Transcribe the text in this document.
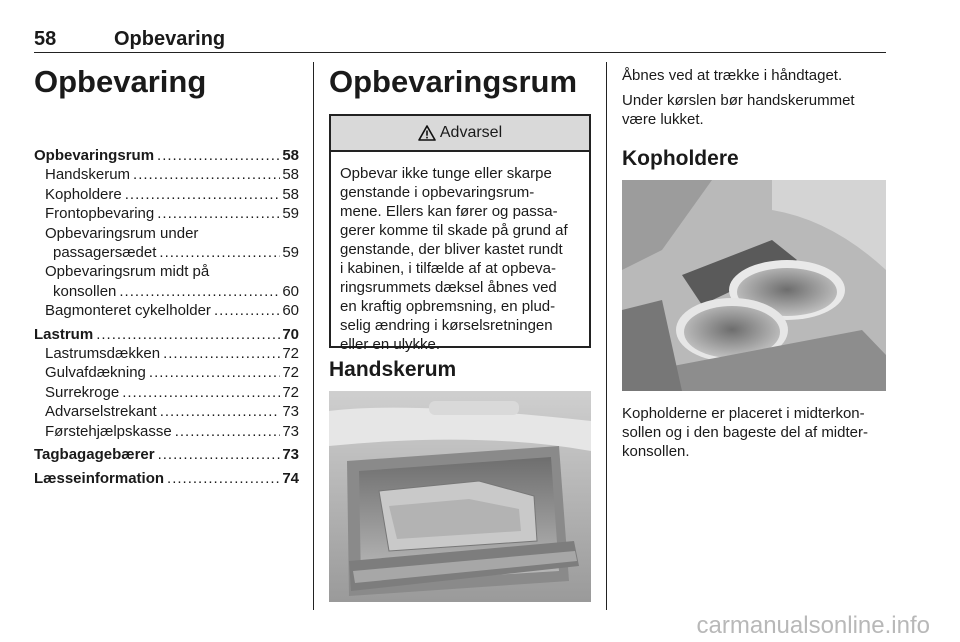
58	Opbevaring
Opbevaring
Opbevaringsrum .....	58
Handskerum .....	58
Kopholdere .....	58
Frontopbevaring .....	59
Opbevaringsrum under
passagersædet .....	59
Opbevaringsrum midt på
konsollen .....	60
Bagmonteret cykelholder .....	60
Lastrum .....	70
Lastrumsdækken .....	72
Gulvafdækning .....	72
Surrekroge .....	72
Advarselstrekant .....	73
Førstehjælpskasse .....	73
Tagbagagebærer .....	73
Læsseinformation .....	74
Opbevaringsrum
Advarsel
Opbevar ikke tunge eller skarpe
genstande i opbevaringsrum-
mene. Ellers kan fører og passa-
gerer komme til skade på grund af
genstande, der bliver kastet rundt
i kabinen, i tilfælde af at opbeva-
ringsrummets dæksel åbnes ved
en kraftig opbremsning, en plud-
selig ændring i kørselsretningen
eller en ulykke.
Handskerum

Åbnes ved at trække i håndtaget.

Under kørslen bør handskerummet
være lukket.

Kopholdere

Kopholderne er placeret i midterkon-
sollen og i den bageste del af midter-
konsollen.

carmanualsonline.info
